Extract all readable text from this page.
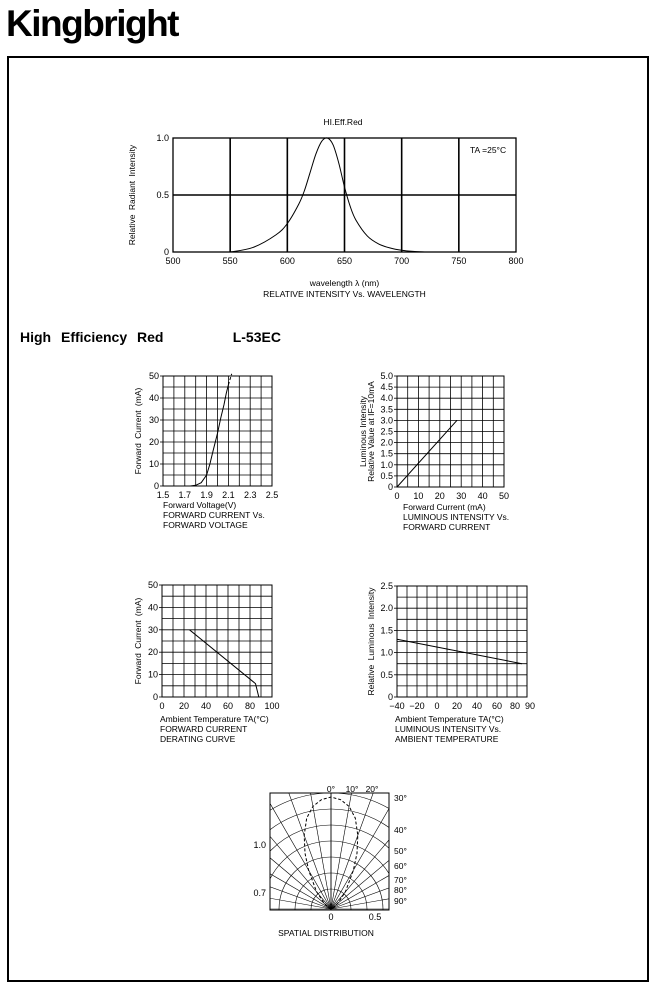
Kingbright
High Efficiency Red	L-53EC
500	550	600	650	700	750	800
0
0.5
1.0
wavelength λ (nm)
Relative Radiant Intensity
RELATIVE INTENSITY Vs. WAVELENGTH
HI.Eff.Red
TA =25°C
1.5 1.7 1.9 2.1 2.3 2.5
0
10
20
30
40
50
Forward Voltage(V)
Forward Current (mA)
FORWARD CURRENT Vs.
FORWARD VOLTAGE
0 10 20 30 40 50
0
0.5
1.0
1.5
2.0
2.5
3.0
3.5
4.0
4.5
5.0
Forward Current (mA)
Luminous Intensity
Relative Value at IF=10mA
LUMINOUS INTENSITY Vs.
FORWARD CURRENT
0 20 40 60 80 100
0
10
20
30
40
50
Ambient Temperature TA(°C)
Forward Current (mA)
FORWARD CURRENT
DERATING CURVE
−40 −20 0 20 40 60 80 90
0
0.5
1.0
1.5
2.0
2.5
Ambient Temperature TA(°C)
Relative Luminous Intensity
LUMINOUS INTENSITY Vs.
AMBIENT TEMPERATURE
0° 10° 20°
30°
40°
50°
60°
70°
80°
90°
1.0
0.7
0	0.5
SPATIAL DISTRIBUTION
